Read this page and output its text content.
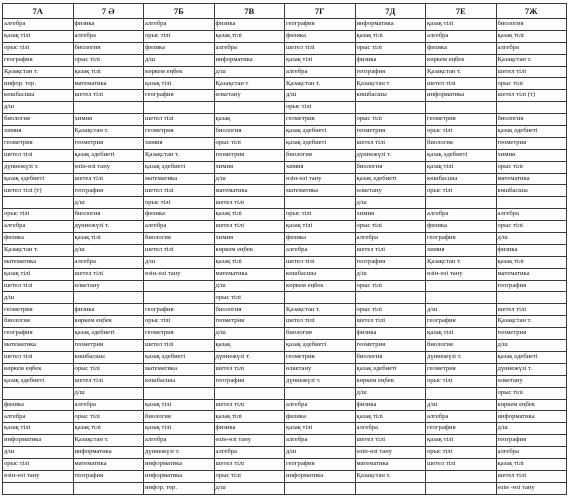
7А	7 Ә	7Б	7В	7Г	7Д	7Е	7Ж
алгебра	физика	алгебра	физика	география	информатика	қазақ тілі	биология
қазақ тілі	алгебра	орыс тілі	қазақ тілі	физика	қазақ тілі	алгебра	қазақ тілі
орыс тілі	биология	физика	алгебра	шетел тілі	орыс тілі	физика	алгебра
география	орыс тілі	д/ш	информатика	қазақ тілі	физика	көркем еңбек	Қазақстан т.
Қазақстан т.	қазақ тілі	көркем еңбек	д/ш	алгебра	география	Қазақстан т.	шетел тілі
инфор. тер.	математика	қазақ тілі	Қазақстан т	Қазақстан т.	Қазақстан т	шетел тілі	орыс тілі
көшбасшы	шетел тілі	география	өлкетану	д/ш	көшбасшы	информатика	шетел тілі (т)
д/ш				орыс тілі			
биология	химия	шетел тілі	қазақ	геометрия	орыс тілі	геометрия	биология
химия	Қазақстан т.	геометрия	биология	қазақ әдебиеті	геометрия	орыс тілі	қазақ әдебиеті
геометрия	геометрия	химия	орыс тілі	қазақ әдебиеті	шетел тілі	биология	геометрия
шетел тілі	қазақ әдебиеті	Қазақстан т.	геометрия	биология	дүниежүзі т.	қазақ әдебиеті	химия
дүниежүзі т.	өзін-өзі тану	қазақ әдебиеті	химия	химия	биология	қазақ тілі	орыс тілі
қазақ әдебиеті	шетел тілі	математика	д/ш	өзін-өзі тану	қазақ әдебиеті	көшбасшы	математика
шетел тілі (т)	география	шетел тілі	математика	математика	өлкетану	орыс тілі	көшбасшы
	д/ш	орыс тілі	шетел тілі		д/ш		
орыс тілі	биология	физика	қазақ тілі	орыс тілі	химия	алгебра	алгебра
алгебра	дүниежүзі т.	алгебра	шетел тілі	қазақ тілі	орыс тілі	физика	орыс тілі
физика	қазақ тілі	биология	химия	физика	алгебра	география	д/ш
Қазақстан т.	д/ш	шетел тілі	көркем еңбек	алгебра	шетел тілі	химия	физика
математика	алгебра	д/ш	қазақ тілі	шетел тілі	география	Қазақстан т.	қазақ тілі
қазақ тілі	шетел тілі	өзін-өзі тану	математика	көшбасшы	д/ш	өзін-өзі тану	математика
шетел тілі	өлкетану		д/ш	көркем еңбек	орыс тілі		география
д/ш			орыс тілі				
геометрия	физика	география	биология	Қазақстан т.	орыс тілі	д/ш	шетел тілі
биология	көркем еңбек	орыс тілі	геометрия	шетел тілі	шетел тілі	география	Қазақстан т.
география	қазақ әдебиеті	геометрия	д/ш	биология	физика	қазақ тілі	геометрия
математика	геометрия	шетел тілі	қазақ	қазақ әдебиеті	геометрия	биология	д/ш
шетел тілі	көшбасшы	қазақ әдебиеті	дүниежүзі т.	геометрия	биология	дүниежүзі т.	қазақ әдебиеті
көркем еңбек	орыс тілі	математика	шетел тілі	өлкетану	қазақ әдебиеті	геометрия	дүниежүзі т.
қазақ әдебиеті	шетел тілі	көшбасшы	география	дүниежүзі т.	көркем еңбек	орыс тілі	өлкетану
	д/ш				д/ш		орыс тілі
физика	алгебра	қазақ тілі	шетел тілі	алгебра	физика	д/ш	көркем еңбек
алгебра	орыс тілі	биология	қазақ тілі	физика	қазақ тілі	алгебра	информатика
қазақ тілі	қазақ тілі	қазақ тілі	физика	қазақ тілі	алгебра	география	д/ш
информатика	Қазақстан т.	алгебра	өзін-өзі тану	алгебра	шетел тілі	қазақ тілі	география
д/ш	информатика	дүниежүзі т.	алгебра	д/ш	өзін-өзі тану	орыс тілі	алгебра
орыс тілі	математика	информатика	шетел тілі	география	математика	шетел тілі	қазақ тілі
өзін-өзі тану	география	информатика	орыс тілі	информатика	Қазақстан т.		шетел тілі
		инфор. тер.	д/ш				өзін -өзі тану
